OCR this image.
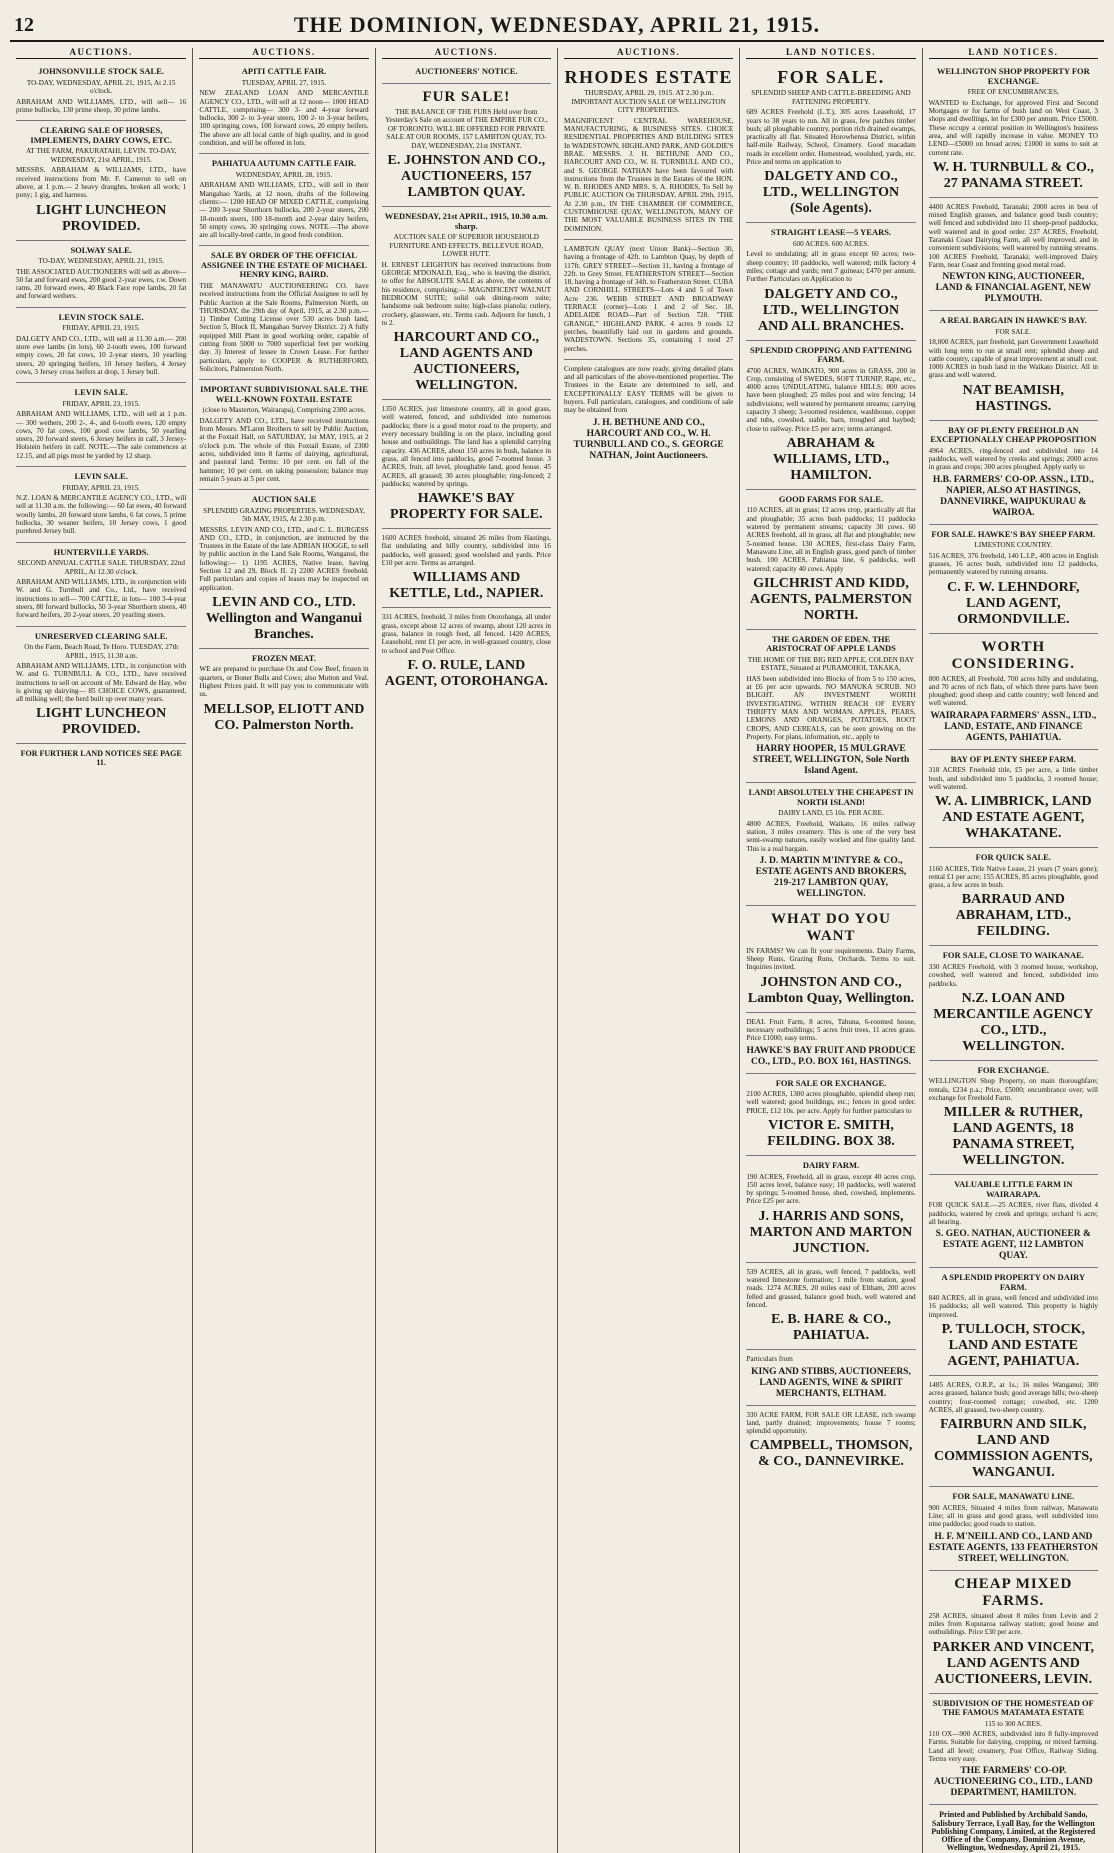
12	THE DOMINION, WEDNESDAY, APRIL 21, 1915.
AUCTIONS.
JOHNSONVILLE STOCK SALE.
TO-DAY, WEDNESDAY, APRIL 21, 1915, At 2.15 o'clock.
ABRAHAM AND WILLIAMS, LTD., will sell— 16 prime bullocks, 130 prime sheep, 30 prime lambs.
CLEARING SALE OF HORSES, IMPLEMENTS, DAIRY COWS, ETC.
AT THE FARM, PAKURATAHI, LEVIN. TO-DAY, WEDNESDAY, 21st APRIL, 1915.
MESSRS. ABRAHAM & WILLIAMS, LTD., have received instructions from Mr. F. Cameron to sell on above, at 1 p.m.— 2 heavy draughts, broken all work; 1 pony; 1 gig, and harness.
LIGHT LUNCHEON PROVIDED.
SOLWAY SALE.
TO-DAY, WEDNESDAY, APRIL 21, 1915.
THE ASSOCIATED AUCTIONEERS will sell as above— 50 fat and forward ewes, 200 good 2-year ewes, r.w. Down rams, 20 forward ewes, 40 Black Face rope lambs, 20 fat and forward wethers.
LEVIN STOCK SALE.
FRIDAY, APRIL 23, 1915.
DALGETY AND CO., LTD., will sell at 11.30 a.m.— 200 store ewe lambs (in lots), 60 2-tooth ewes, 100 forward empty cows, 20 fat cows, 10 2-year steers, 10 yearling steers, 20 springing heifers, 10 Jersey heifers, 4 Jersey cows, 3 Jersey cross heifers at drop, 1 Jersey bull.
LEVIN SALE.
FRIDAY, APRIL 23, 1915.
ABRAHAM AND WILLIAMS, LTD., will sell at 1 p.m.— 300 wethers, 200 2-, 4-, and 6-tooth ewes, 120 empty cows, 70 fat cows, 100 good cow lambs, 50 yearling steers, 20 forward steers, 6 Jersey heifers in calf, 3 Jersey-Holstein heifers in calf. NOTE.—The sale commences at 12.15, and all pigs must be yarded by 12 sharp.
LEVIN SALE.
FRIDAY, APRIL 23, 1915.
N.Z. LOAN & MERCANTILE AGENCY CO., LTD., will sell at 11.30 a.m. the following:— 60 fat ewes, 40 forward woolly lambs, 20 forward store lambs, 6 fat cows, 5 prime bullocks, 30 weaner heifers, 10 Jersey cows, 1 good purebred Jersey bull.
HUNTERVILLE YARDS.
SECOND ANNUAL CATTLE SALE. THURSDAY, 22nd APRIL, At 12.30 o'clock.
ABRAHAM AND WILLIAMS, LTD., in conjunction with W. and G. Turnbull and Co., Ltd., have received instructions to sell— 700 CATTLE, in lots— 100 3-4-year steers, 80 forward bullocks, 50 3-year Shorthorn steers, 40 forward heifers, 20 2-year steers, 20 yearling steers.
UNRESERVED CLEARING SALE.
On the Farm, Beach Road, Te Horo. TUESDAY, 27th APRIL, 1915, 11.30 a.m.
ABRAHAM AND WILLIAMS, LTD., in conjunction with W. and G. TURNBULL & CO., LTD., have received instructions to sell on account of Mr. Edward de Hay, who is giving up dairying— 85 CHOICE COWS, guaranteed, all milking well; the herd built up over many years.
LIGHT LUNCHEON PROVIDED.
FOR FURTHER LAND NOTICES SEE PAGE 11.
AUCTIONS.
APITI CATTLE FAIR.
TUESDAY, APRIL 27, 1915.
NEW ZEALAND LOAN AND MERCANTILE AGENCY CO., LTD., will sell at 12 noon— 1000 HEAD CATTLE, comprising— 300 3- and 4-year forward bullocks, 300 2- to 3-year steers, 100 2- to 3-year heifers, 100 springing cows, 100 forward cows, 20 empty heifers. The above are all local cattle of high quality, and in good condition, and will be offered in lots.
PAHIATUA AUTUMN CATTLE FAIR.
WEDNESDAY, APRIL 28, 1915.
ABRAHAM AND WILLIAMS, LTD., will sell in their Mangahao Yards, at 12 noon, drafts of the following clients:— 1200 HEAD OF MIXED CATTLE, comprising— 200 3-year Shorthorn bullocks, 200 2-year steers, 200 18-month steers, 100 18-month and 2-year dairy heifers, 50 empty cows, 30 springing cows. NOTE.—The above are all locally-bred cattle, in good fresh condition.
SALE BY ORDER OF THE OFFICIAL ASSIGNEE IN THE ESTATE OF MICHAEL HENRY KING, BAIRD.
THE MANAWATU AUCTIONEERING CO. have received instructions from the Official Assignee to sell by Public Auction at the Sale Rooms, Palmerston North, on THURSDAY, the 29th day of April, 1915, at 2.30 p.m.— 1) Timber Cutting License over 530 acres bush land, Section 5, Block II, Mangahao Survey District. 2) A fully equipped Mill Plant in good working order, capable of cutting from 5000 to 7000 superficial feet per working day. 3) Interest of lessee in Crown Lease. For further particulars, apply to COOPER & RUTHERFORD, Solicitors, Palmerston North.
IMPORTANT SUBDIVISIONAL SALE. THE WELL-KNOWN FOXTAIL ESTATE
(close to Masterton, Wairarapa), Comprising 2300 acres.
DALGETY AND CO., LTD., have received instructions from Messrs. M'Laren Brothers to sell by Public Auction, at the Foxtail Hall, on SATURDAY, 1st MAY, 1915, at 2 o'clock p.m. The whole of this Foxtail Estate, of 2300 acres, subdivided into 8 farms of dairying, agricultural, and pastoral land. Terms: 10 per cent. on fall of the hammer; 10 per cent. on taking possession; balance may remain 5 years at 5 per cent.
AUCTION SALE
SPLENDID GRAZING PROPERTIES. WEDNESDAY, 5th MAY, 1915, At 2.30 p.m.
MESSRS. LEVIN AND CO., LTD., and C. L. BURGESS AND CO., LTD., in conjunction, are instructed by the Trustees in the Estate of the late ADRIAN HOGGE, to sell by public auction in the Land Sale Rooms, Wanganui, the following:— 1) 1195 ACRES, Native lease, having Section 12 and 29, Block II. 2) 2200 ACRES freehold. Full particulars and copies of leases may be inspected on application.
LEVIN AND CO., LTD. Wellington and Wanganui Branches.
FROZEN MEAT.
WE are prepared to purchase Ox and Cow Beef, frozen in quarters, or Boner Bulls and Cows; also Mutton and Veal. Highest Prices paid. It will pay you to communicate with us.
MELLSOP, ELIOTT AND CO. Palmerston North.
AUCTIONS.
AUCTIONEERS' NOTICE.
FUR SALE!
THE BALANCE OF THE FURS Held over from Yesterday's Sale on account of THE EMPIRE FUR CO., OF TORONTO. WILL BE OFFERED FOR PRIVATE SALE AT OUR ROOMS, 157 LAMBTON QUAY, TO-DAY, WEDNESDAY, 21st INSTANT.
E. JOHNSTON AND CO., AUCTIONEERS, 157 LAMBTON QUAY.
WEDNESDAY, 21st APRIL, 1915, 10.30 a.m. sharp.
AUCTION SALE OF SUPERIOR HOUSEHOLD FURNITURE AND EFFECTS. BELLEVUE ROAD, LOWER HUTT.
H. ERNEST LEIGHTON has received instructions from GEORGE M'DONALD, Esq., who is leaving the district, to offer for ABSOLUTE SALE as above, the contents of his residence, comprising:— MAGNIFICENT WALNUT BEDROOM SUITE; solid oak dining-room suite; handsome oak bedroom suite; high-class pianola; cutlery, crockery, glassware, etc. Terms cash. Adjourn for lunch, 1 to 2.
HARCOURT AND CO., LAND AGENTS AND AUCTIONEERS, WELLINGTON.
1350 ACRES, just limestone country, all in good grass, well watered, fenced, and subdivided into numerous paddocks; there is a good motor road to the property, and every necessary building is on the place, including good house and outbuildings. The land has a splendid carrying capacity. 436 ACRES, about 150 acres in bush, balance in grass, all fenced into paddocks, good 7-roomed house. 3 ACRES, fruit, all level, ploughable land, good house. 45 ACRES, all grassed; 30 acres ploughable; ring-fenced; 2 paddocks; watered by springs.
HAWKE'S BAY PROPERTY FOR SALE.
1600 ACRES freehold, situated 26 miles from Hastings, flat undulating and hilly country, subdivided into 16 paddocks, well grassed; good woolshed and yards. Price £10 per acre. Terms as arranged.
WILLIAMS AND KETTLE, Ltd., NAPIER.
331 ACRES, freehold, 3 miles from Otorohanga, all under grass, except about 12 acres of swamp, about 120 acres in grass, balance in rough feed, all fenced. 1420 ACRES, Leasehold, rent £1 per acre, in well-grassed country, close to school and Post Office.
F. O. RULE, LAND AGENT, OTOROHANGA.
AUCTIONS.
RHODES ESTATE
THURSDAY, APRIL 29, 1915. AT 2.30 p.m. IMPORTANT AUCTION SALE OF WELLINGTON CITY PROPERTIES.
MAGNIFICENT CENTRAL WAREHOUSE, MANUFACTURING, & BUSINESS SITES. CHOICE RESIDENTIAL PROPERTIES AND BUILDING SITES In WADESTOWN, HIGHLAND PARK, AND GOLDIE'S BRAE. MESSRS. J. H. BETHUNE AND CO., HARCOURT AND CO., W. H. TURNBULL AND CO., and S. GEORGE NATHAN have been favoured with instructions from the Trustees in the Estates of the HON. W. B. RHODES AND MRS. S. A. RHODES, To Sell by PUBLIC AUCTION On THURSDAY, APRIL 29th, 1915, At 2.30 p.m., IN THE CHAMBER OF COMMERCE, CUSTOMHOUSE QUAY, WELLINGTON, MANY OF THE MOST VALUABLE BUSINESS SITES IN THE DOMINION.
LAMBTON QUAY (next Union Bank)—Section 30, having a frontage of 42ft. to Lambton Quay, by depth of 117ft. GREY STREET—Section 11, having a frontage of 22ft. to Grey Street. FEATHERSTON STREET—Section 18, having a frontage of 34ft. to Featherston Street. CUBA AND CORNHILL STREETS—Lots 4 and 5 of Town Acre 236. WEBB STREET AND BROADWAY TERRACE (corner)—Lots 1 and 2 of Sec. 18. ADELAIDE ROAD—Part of Section 728. "THE GRANGE," HIGHLAND PARK. 4 acres 9 roods 12 perches, beautifully laid out in gardens and grounds. WADESTOWN. Sections 35, containing 1 rood 27 perches.
Complete catalogues are now ready, giving detailed plans and all particulars of the above-mentioned properties. The Trustees in the Estate are determined to sell, and EXCEPTIONALLY EASY TERMS will be given to buyers. Full particulars, catalogues, and conditions of sale may be obtained from
J. H. BETHUNE AND CO., HARCOURT AND CO., W. H. TURNBULL AND CO., S. GEORGE NATHAN, Joint Auctioneers.
LAND NOTICES.
FOR SALE.
SPLENDID SHEEP AND CATTLE-BREEDING AND FATTENING PROPERTY.
689 ACRES Freehold (L.T.), 305 acres Leasehold, 17 years to 38 years to run. All in grass, few patches timber bush; all ploughable country, portion rich drained swamps, practically all flat. Situated Horowhenua District, within half-mile Railway, School, Creamery. Good macadam roads in excellent order. Homestead, woolshed, yards, etc. Price and terms on application to
DALGETY AND CO., LTD., WELLINGTON (Sole Agents).
STRAIGHT LEASE—5 YEARS.
600 ACRES. 600 ACRES.
Level to undulating; all in grass except 60 acres; two-sheep country; 10 paddocks, well watered; milk factory 4 miles; cottage and yards; rent 7 guineas; £470 per annum. Further Particulars on Application to
DALGETY AND CO., LTD., WELLINGTON AND ALL BRANCHES.
SPLENDID CROPPING AND FATTENING FARM.
4700 ACRES, WAIKATO, 900 acres in GRASS, 200 in Crop, consisting of SWEDES, SOFT TURNIP, Rape, etc., 4000 acres UNDULATING, balance HILLS; 800 acres have been ploughed; 25 miles post and wire fencing; 14 subdivisions; well watered by permanent streams; carrying capacity 3 sheep; 3-roomed residence, washhouse, copper and tubs, cowshed, stable, barn, troughed and haybed; close to railway. Price £5 per acre; terms arranged.
ABRAHAM & WILLIAMS, LTD., HAMILTON.
GOOD FARMS FOR SALE.
110 ACRES, all in grass; 12 acres crop, practically all flat and ploughable; 35 acres bush paddocks; 11 paddocks watered by permanent streams; capacity 30 cows. 60 ACRES freehold, all in grass, all flat and ploughable; new 5-roomed house. 130 ACRES, first-class Dairy Farm, Manawatu Line, all in English grass, good patch of timber bush. 100 ACRES, Pahiatua line, 6 paddocks, well watered; capacity 40 cows. Apply
GILCHRIST AND KIDD, AGENTS, PALMERSTON NORTH.
THE GARDEN OF EDEN. THE ARISTOCRAT OF APPLE LANDS
THE HOME OF THE BIG RED APPLE, COLDEN BAY ESTATE, Situated at PURAMOHOI, TAKAKA,
HAS been subdivided into Blocks of from 5 to 150 acres, at £6 per acre upwards. NO MANUKA SCRUB. NO BLIGHT. AN INVESTMENT WORTH INVESTIGATING. WITHIN REACH OF EVERY THRIFTY MAN AND WOMAN. APPLES, PEARS, LEMONS AND ORANGES, POTATOES, ROOT CROPS, AND CEREALS, can be seen growing on the Property. For plans, information, etc., apply to
HARRY HOOPER, 15 MULGRAVE STREET, WELLINGTON, Sole North Island Agent.
LAND! ABSOLUTELY THE CHEAPEST IN NORTH ISLAND!
DAIRY LAND, £5 10s. PER ACRE.
4800 ACRES, Freehold, Waikato, 16 miles railway station, 3 miles creamery. This is one of the very best semi-swamp natures, easily worked and fine quality land. This is a real bargain.
J. D. MARTIN M'INTYRE & CO., ESTATE AGENTS AND BROKERS, 219-217 LAMBTON QUAY, WELLINGTON.
WHAT DO YOU WANT
IN FARMS? We can fit your requirements. Dairy Farms, Sheep Runs, Grazing Runs, Orchards. Terms to suit. Inquiries invited.
JOHNSTON AND CO., Lambton Quay, Wellington.
DEAL Fruit Farm, 8 acres, Tahuna, 6-roomed house, necessary outbuildings; 5 acres fruit trees, 11 acres grass. Price £1000; easy terms.
HAWKE'S BAY FRUIT AND PRODUCE CO., LTD., P.O. BOX 161, HASTINGS.
FOR SALE OR EXCHANGE.
2100 ACRES, 1300 acres ploughable, splendid sheep run; well watered; good buildings, etc.; fences in good order. PRICE, £12 10s. per acre. Apply for further particulars to
VICTOR E. SMITH, FEILDING. BOX 38.
DAIRY FARM.
190 ACRES, Freehold, all in grass, except 40 acres crop, 150 acres level, balance easy; 10 paddocks, well watered by springs; 5-roomed house, shed, cowshed, implements. Price £25 per acre.
J. HARRIS AND SONS, MARTON AND MARTON JUNCTION.
539 ACRES, all in grass, well fenced, 7 paddocks, well watered limestone formation; 1 mile from station, good roads. 1274 ACRES, 20 miles east of Eltham, 200 acres felled and grassed, balance good bush, well watered and fenced.
E. B. HARE & CO., PAHIATUA.
Particulars from
KING AND STIBBS, AUCTIONEERS, LAND AGENTS, WINE & SPIRIT MERCHANTS, ELTHAM.
330 ACRE FARM, FOR SALE OR LEASE, rich swamp land, partly drained; improvements; house 7 rooms; splendid opportunity.
CAMPBELL, THOMSON, & CO., DANNEVIRKE.
LAND NOTICES.
WELLINGTON SHOP PROPERTY FOR EXCHANGE.
FREE OF ENCUMBRANCES,
WANTED to Exchange, for approved First and Second Mortgages or for farms of bush land on West Coast, 3 shops and dwellings, let for £300 per annum. Price £5000. These occupy a central position in Wellington's business area, and will rapidly increase in value. MONEY TO LEND—£5000 on broad acres; £1000 in sums to suit at current rate.
W. H. TURNBULL & CO., 27 PANAMA STREET.
4400 ACRES Freehold, Taranaki; 2000 acres in best of mixed English grasses, and balance good bush country; well fenced and subdivided into 11 sheep-proof paddocks, well watered and in good order. 237 ACRES, Freehold, Taranaki Coast Dairying Farm, all well improved, and in convenient subdivisions; well watered by running streams. 100 ACRES Freehold, Taranaki; well-improved Dairy Farm, near Coast and fronting good metal road.
NEWTON KING, AUCTIONEER, LAND & FINANCIAL AGENT, NEW PLYMOUTH.
A REAL BARGAIN IN HAWKE'S BAY.
FOR SALE.
18,000 ACRES, part freehold, part Government Leasehold with long term to run at small rent; splendid sheep and cattle country, capable of great improvement at small cost. 1000 ACRES in bush land in the Waikato District. All in grass and well watered.
NAT BEAMISH, HASTINGS.
BAY OF PLENTY FREEHOLD AN EXCEPTIONALLY CHEAP PROPOSITION
4964 ACRES, ring-fenced and subdivided into 14 paddocks, well watered by creeks and springs; 2000 acres in grass and crops; 300 acres ploughed. Apply early to
H.B. FARMERS' CO-OP. ASSN., LTD., NAPIER, ALSO AT HASTINGS, DANNEVIRKE, WAIPUKURAU & WAIROA.
FOR SALE. HAWKE'S BAY SHEEP FARM.
LIMESTONE COUNTRY.
516 ACRES, 376 freehold, 140 L.I.P., 400 acres in English grasses, 16 acres bush, subdivided into 12 paddocks, permanently watered by running streams.
C. F. W. LEHNDORF, LAND AGENT, ORMONDVILLE.
WORTH CONSIDERING.
800 ACRES, all Freehold, 700 acres hilly and undulating, and 70 acres of rich flats, of which three parts have been ploughed; good sheep and cattle country; well fenced and well watered.
WAIRARAPA FARMERS' ASSN., LTD., LAND, ESTATE, AND FINANCE AGENTS, PAHIATUA.
BAY OF PLENTY SHEEP FARM.
318 ACRES Freehold title, £5 per acre, a little timber bush, and subdivided into 5 paddocks, 3 roomed house; well watered.
W. A. LIMBRICK, LAND AND ESTATE AGENT, WHAKATANE.
FOR QUICK SALE.
1160 ACRES, Title Native Lease, 21 years (7 years gone); rental £1 per acre; 155 ACRES, 85 acres ploughable, good grass, a few acres in bush.
BARRAUD AND ABRAHAM, LTD., FEILDING.
FOR SALE, CLOSE TO WAIKANAE.
330 ACRES Freehold, with 3 roomed house, workshop, cowshed, well watered and fenced, subdivided into paddocks.
N.Z. LOAN AND MERCANTILE AGENCY CO., LTD., WELLINGTON.
FOR EXCHANGE.
WELLINGTON Shop Property, on main thoroughfare; rentals, £234 p.a.; Price, £5000; encumbrance over; will exchange for Freehold Farm.
MILLER & RUTHER, LAND AGENTS, 18 PANAMA STREET, WELLINGTON.
VALUABLE LITTLE FARM IN WAIRARAPA.
FOR QUICK SALE.—25 ACRES, river flats, divided 4 paddocks, watered by creek and springs; orchard ½ acre; all bearing.
S. GEO. NATHAN, AUCTIONEER & ESTATE AGENT, 112 LAMBTON QUAY.
A SPLENDID PROPERTY ON DAIRY FARM.
840 ACRES, all in grass, well fenced and subdivided into 16 paddocks; all well watered. This property is highly improved.
P. TULLOCH, STOCK, LAND AND ESTATE AGENT, PAHIATUA.
1485 ACRES, O.R.P., at 1s.; 16 miles Wanganui; 300 acres grassed, balance bush; good average hills; two-sheep country; four-roomed cottage; cowshed, etc. 1200 ACRES, all grassed, two-sheep country.
FAIRBURN AND SILK, LAND AND COMMISSION AGENTS, WANGANUI.
FOR SALE, MANAWATU LINE.
900 ACRES, Situated 4 miles from railway, Manawatu Line; all in grass and good grass, well subdivided into nine paddocks; good roads to station.
H. F. M'NEILL AND CO., LAND AND ESTATE AGENTS, 133 FEATHERSTON STREET, WELLINGTON.
CHEAP MIXED FARMS.
258 ACRES, situated about 8 miles from Levin and 2 miles from Koputaroa railway station; good house and outbuildings. Price £30 per acre.
PARKER AND VINCENT, LAND AGENTS AND AUCTIONEERS, LEVIN.
SUBDIVISION OF THE HOMESTEAD OF THE FAMOUS MATAMATA ESTATE
115 to 300 ACRES.
110 OX—900 ACRES, subdivided into 8 fully-improved Farms. Suitable for dairying, cropping, or mixed farming. Land all level; creamery, Post Office, Railway Siding. Terms very easy.
THE FARMERS' CO-OP. AUCTIONEERING CO., LTD., LAND DEPARTMENT, HAMILTON.
Printed and Published by Archibald Sando, Salisbury Terrace, Lyall Bay, for the Wellington Publishing Company, Limited, at the Registered Office of the Company, Dominion Avenue, Wellington, Wednesday, April 21, 1915.
